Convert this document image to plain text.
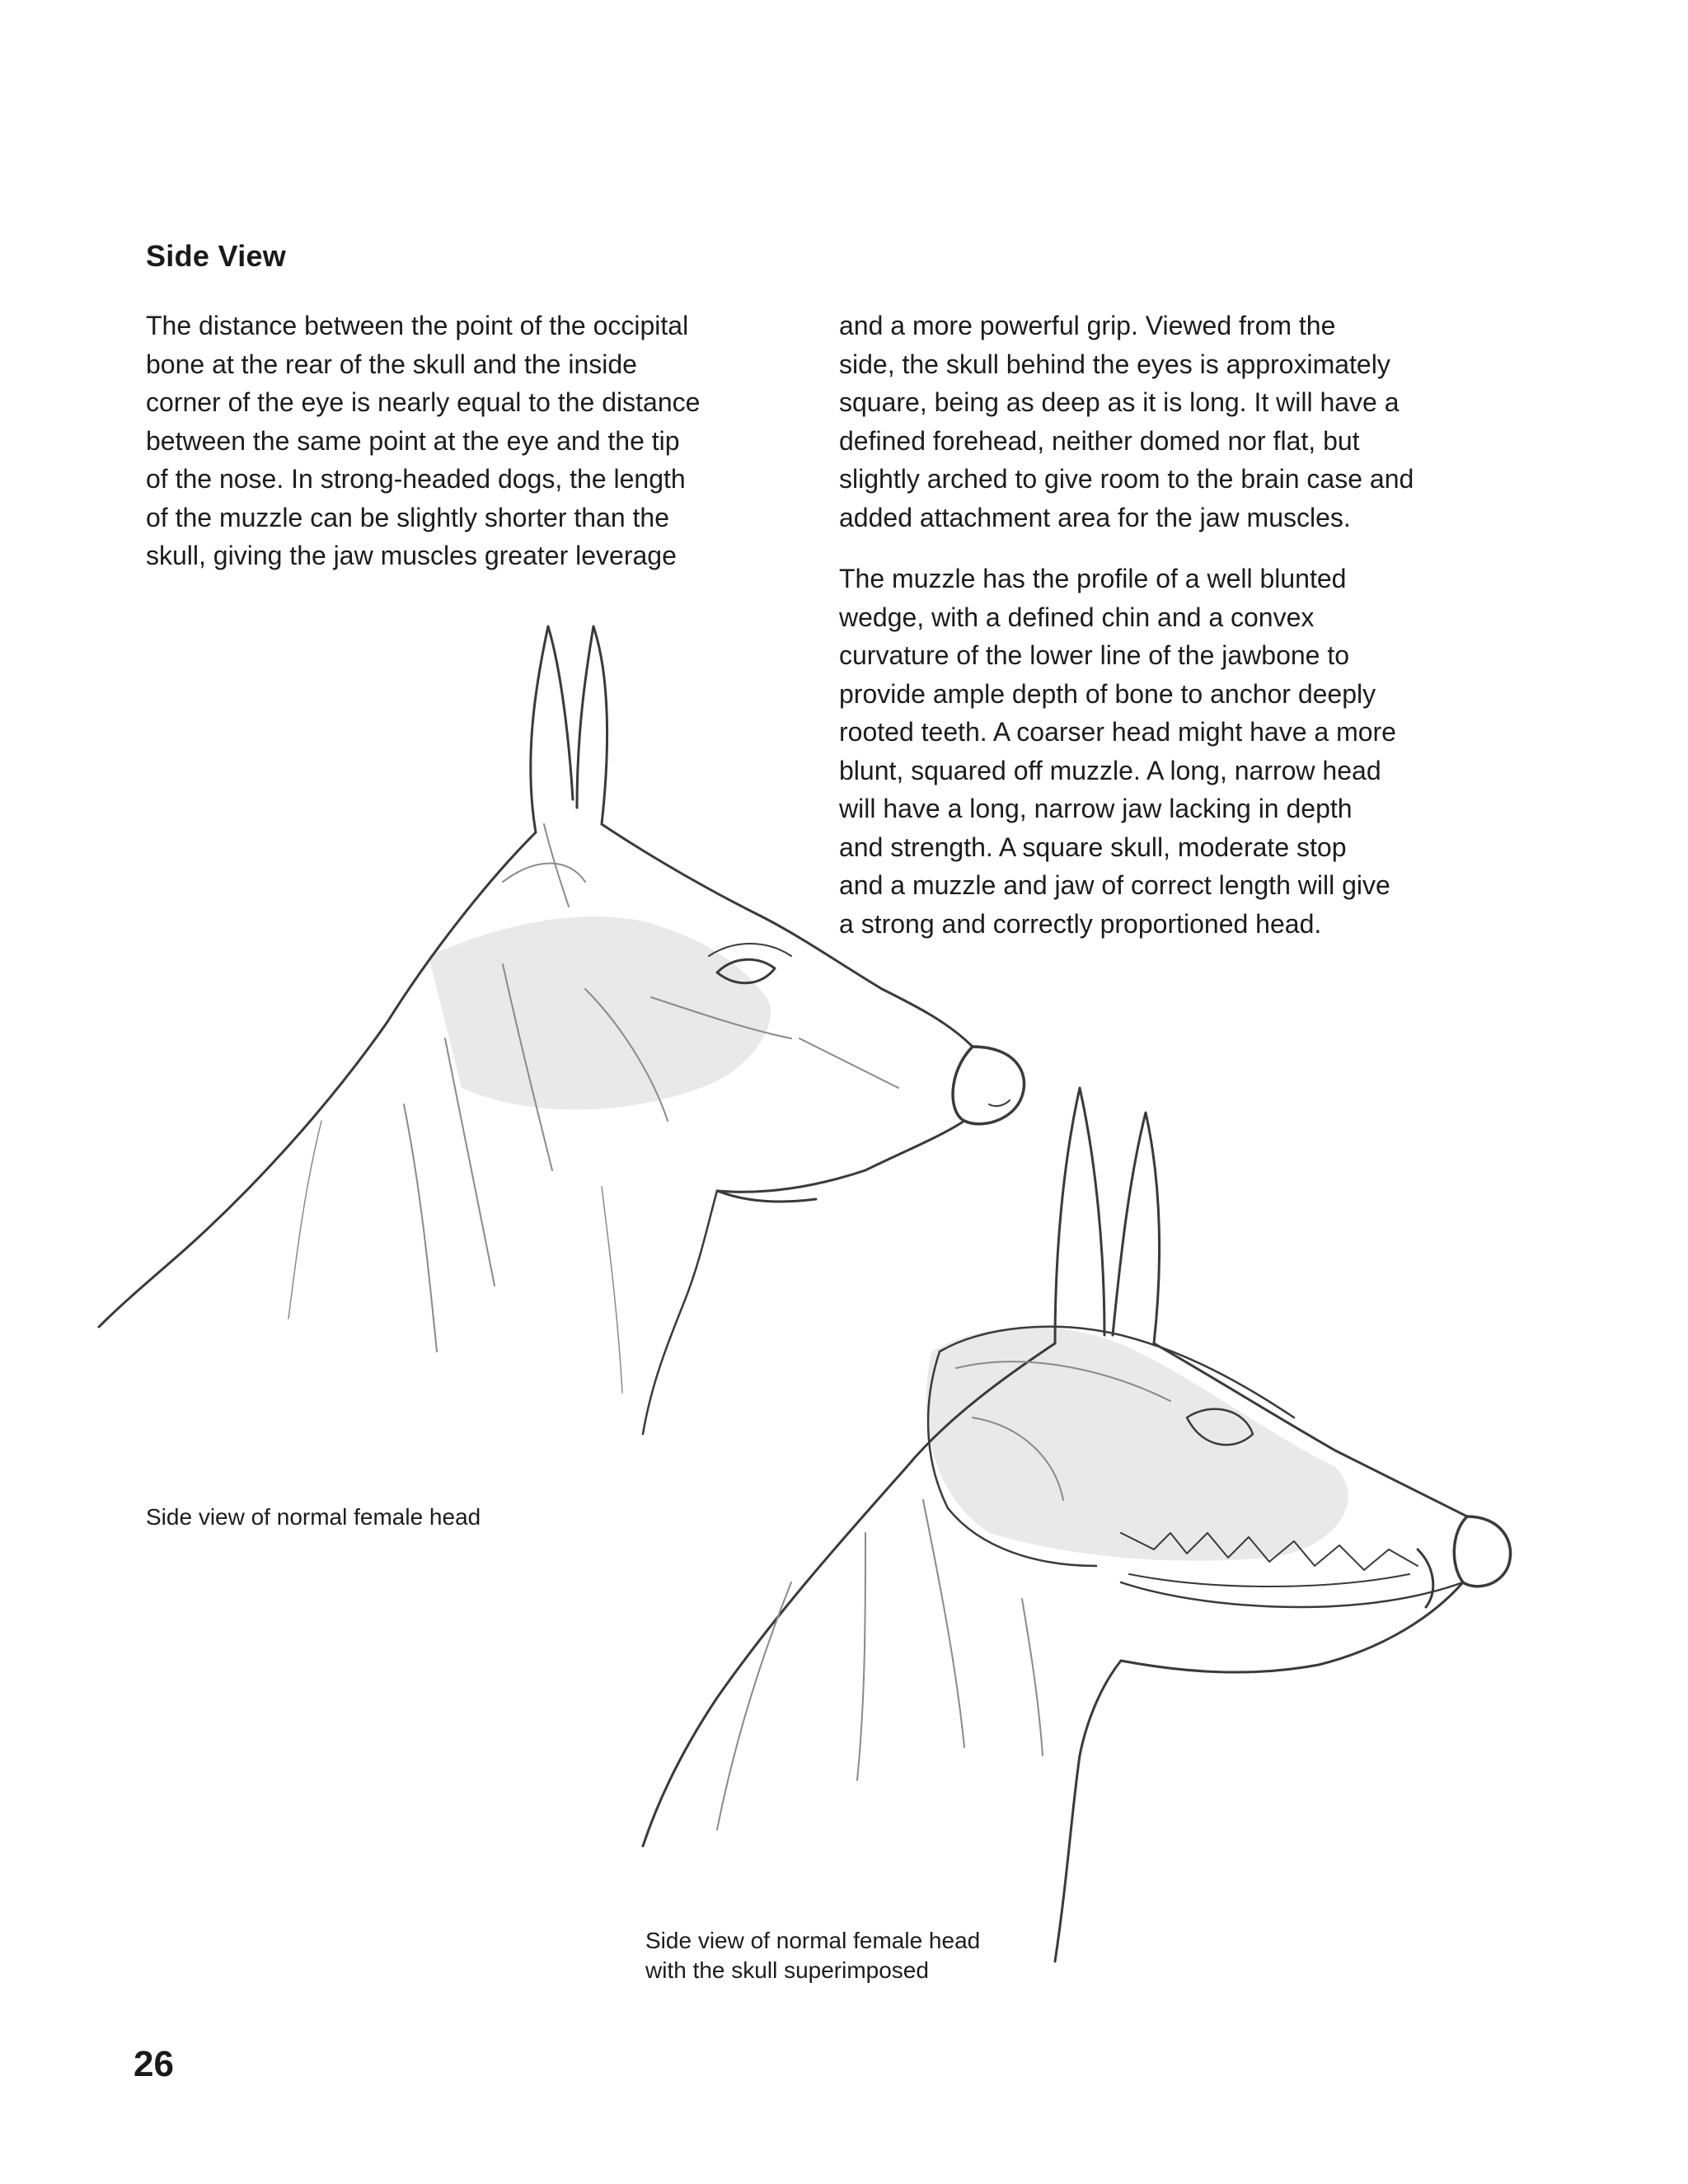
Side View

The distance between the point of the occipital
bone at the rear of the skull and the inside
corner of the eye is nearly equal to the distance
between the same point at the eye and the tip
of the nose. In strong-headed dogs, the length
of the muzzle can be slightly shorter than the
skull, giving the jaw muscles greater leverage

and a more powerful grip. Viewed from the
side, the skull behind the eyes is approximately
square, being as deep as it is long. It will have a
defined forehead, neither domed nor flat, but
slightly arched to give room to the brain case and
added attachment area for the jaw muscles.

The muzzle has the profile of a well blunted
wedge, with a defined chin and a convex
curvature of the lower line of the jawbone to
provide ample depth of bone to anchor deeply
rooted teeth. A coarser head might have a more
blunt, squared off muzzle. A long, narrow head
will have a long, narrow jaw lacking in depth
and strength. A square skull, moderate stop
and a muzzle and jaw of correct length will give
a strong and correctly proportioned head.

Side view of normal female head
Side view of normal female head
with the skull superimposed
26
